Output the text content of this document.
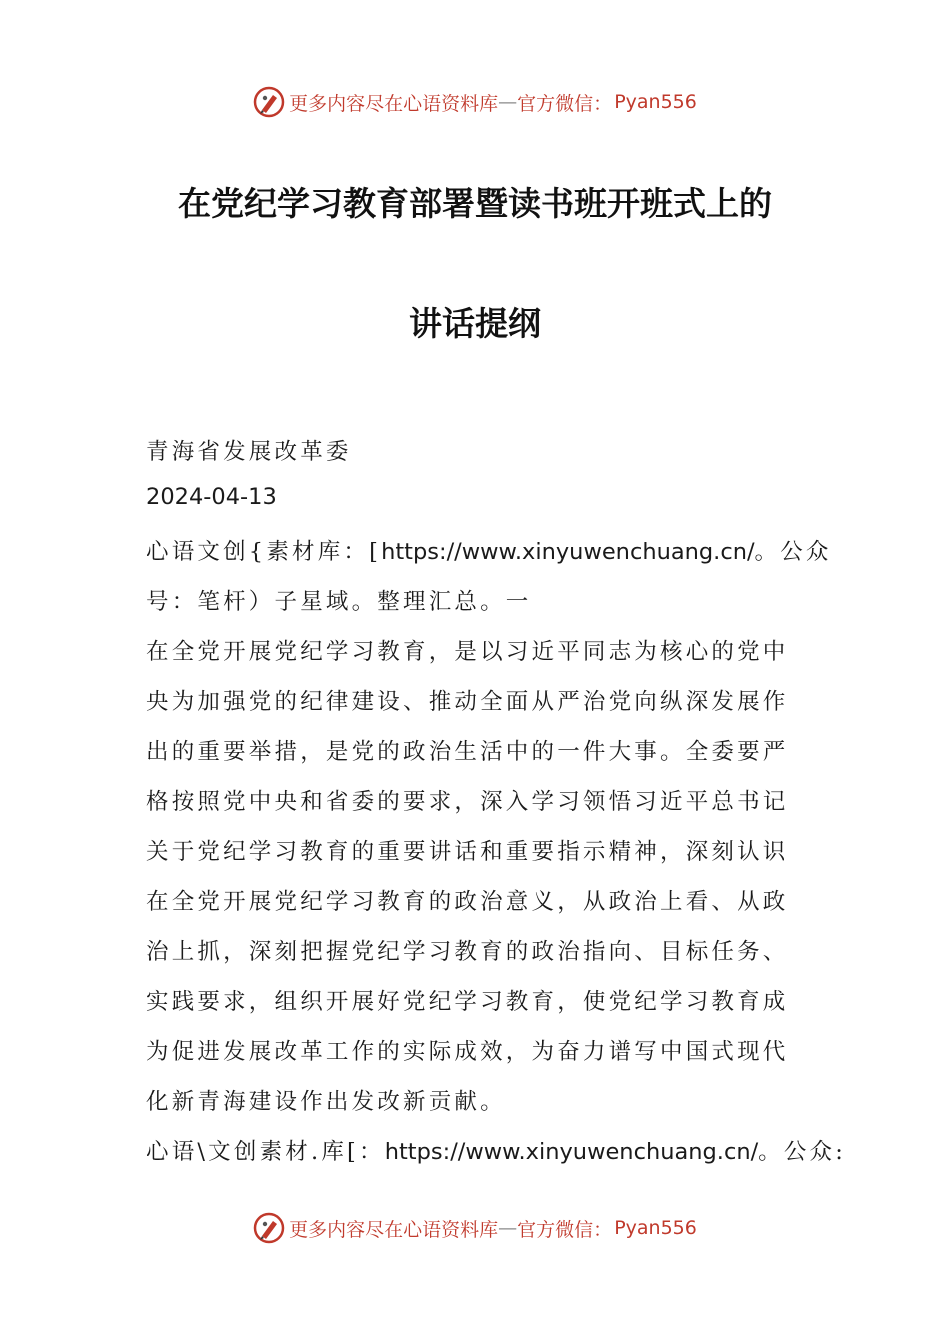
更多内容尽在心语资料库 — 官方微信： Pyan556
在党纪学习教育部署暨读书班开班式上的
讲话提纲
青海省发展改革委
2024-04-13
心语文创{素材库：[https://www.xinyuwenchuang.cn/。公众
号：笔杆）子星域。整理汇总。一
在全党开展党纪学习教育，是以习近平同志为核心的党中
央为加强党的纪律建设、推动全面从严治党向纵深发展作
出的重要举措，是党的政治生活中的一件大事。全委要严
格按照党中央和省委的要求，深入学习领悟习近平总书记
关于党纪学习教育的重要讲话和重要指示精神，深刻认识
在全党开展党纪学习教育的政治意义，从政治上看、从政
治上抓，深刻把握党纪学习教育的政治指向、目标任务、
实践要求，组织开展好党纪学习教育，使党纪学习教育成
为促进发展改革工作的实际成效，为奋力谱写中国式现代
化新青海建设作出发改新贡献。
心语\文创素材.库[：https://www.xinyuwenchuang.cn/。公众:
更多内容尽在心语资料库 — 官方微信： Pyan556
